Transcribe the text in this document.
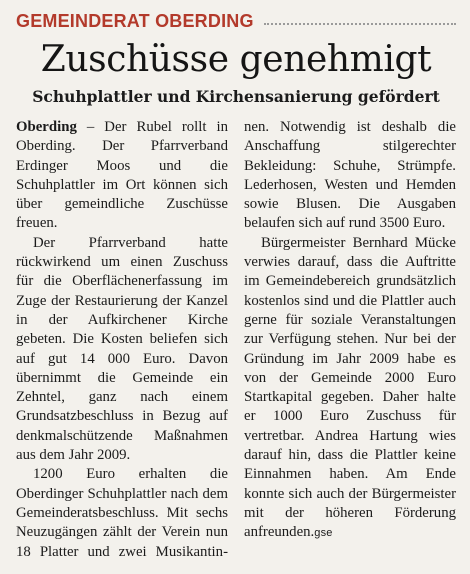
GEMEINDERAT OBERDING
Zuschüsse genehmigt
Schuhplattler und Kirchensanierung gefördert

Oberding – Der Rubel rollt in Oberding. Der Pfarrverband Erdinger Moos und die Schuhplattler im Ort können sich über gemeindliche Zuschüsse freuen.

Der Pfarrverband hatte rückwirkend um einen Zuschuss für die Oberflächenerfassung im Zuge der Restaurierung der Kanzel in der Aufkirchener Kirche gebeten. Die Kosten beliefen sich auf gut 14 000 Euro. Davon übernimmt die Gemeinde ein Zehntel, ganz nach einem Grundsatzbeschluss in Bezug auf denkmalschützende Maßnahmen aus dem Jahr 2009.

1200 Euro erhalten die Oberdinger Schuhplattler nach dem Gemeinderatsbeschluss. Mit sechs Neuzugängen zählt der Verein nun 18 Platter und zwei Musikantin-

nen. Notwendig ist deshalb die Anschaffung stilgerechter Bekleidung: Schuhe, Strümpfe. Lederhosen, Westen und Hemden sowie Blusen. Die Ausgaben belaufen sich auf rund 3500 Euro.

Bürgermeister Bernhard Mücke verwies darauf, dass die Auftritte im Gemeindebereich grundsätzlich kostenlos sind und die Plattler auch gerne für soziale Veranstaltungen zur Verfügung stehen. Nur bei der Gründung im Jahr 2009 habe es von der Gemeinde 2000 Euro Startkapital gegeben. Daher halte er 1000 Euro Zuschuss für vertretbar. Andrea Hartung wies darauf hin, dass die Plattler keine Einnahmen haben. Am Ende konnte sich auch der Bürgermeister mit der höheren Förderung anfreunden.gse
